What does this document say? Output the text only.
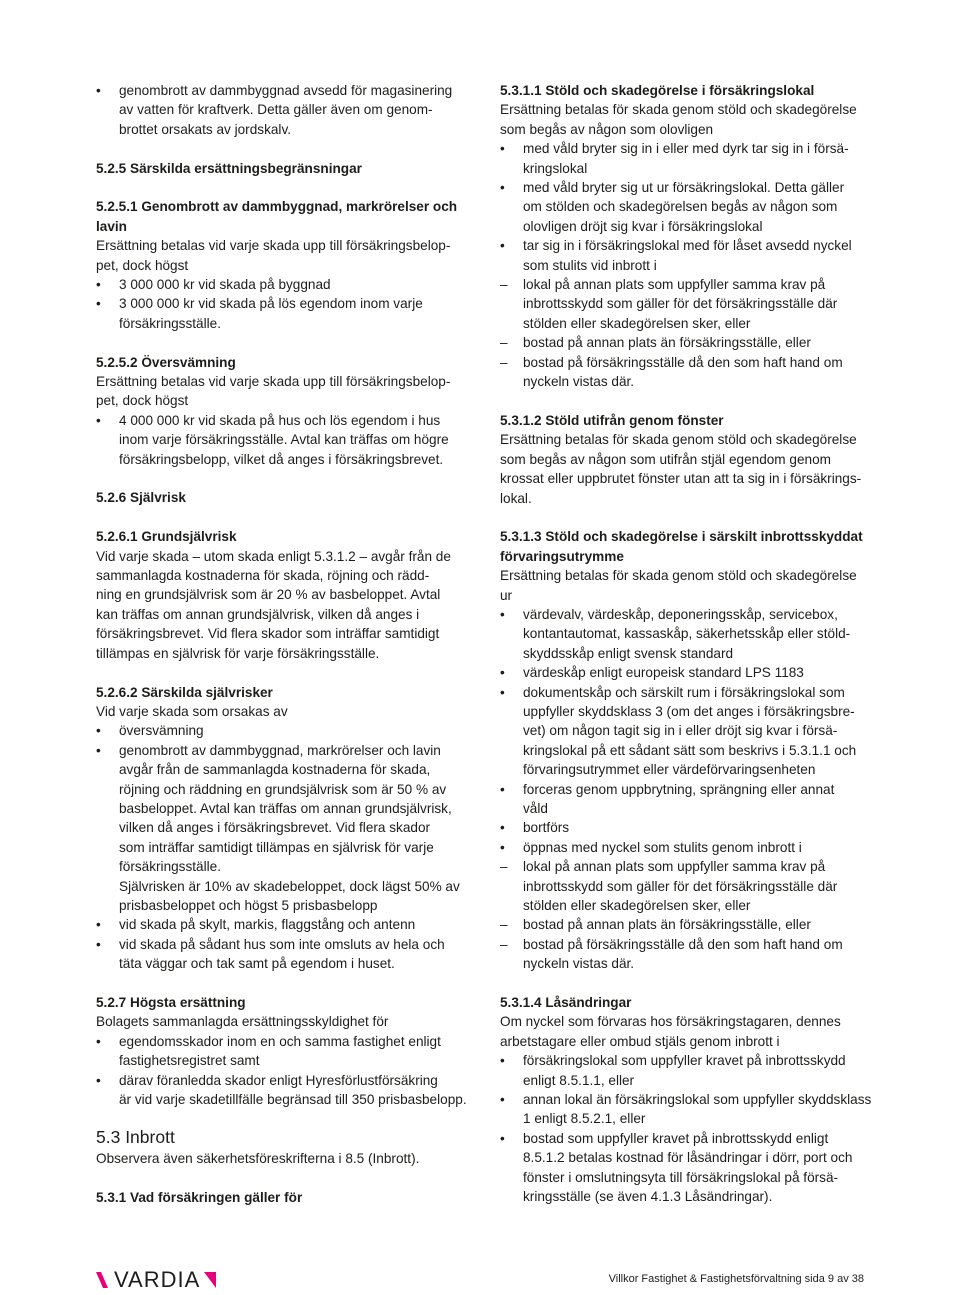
• genombrott av dammbyggnad avsedd för magasinering
av vatten för kraftverk. Detta gäller även om genom-
brottet orsakats av jordskalv.
5.2.5 Särskilda ersättningsbegränsningar
5.2.5.1 Genombrott av dammbyggnad, markrörelser och
lavin
Ersättning betalas vid varje skada upp till försäkringsbelop-
pet, dock högst
• 3 000 000 kr vid skada på byggnad
• 3 000 000 kr vid skada på lös egendom inom varje
försäkringsställe.
5.2.5.2 Översvämning
Ersättning betalas vid varje skada upp till försäkringsbelop-
pet, dock högst
• 4 000 000 kr vid skada på hus och lös egendom i hus
inom varje försäkringsställe. Avtal kan träffas om högre
försäkringsbelopp, vilket då anges i försäkringsbrevet.
5.2.6 Självrisk
5.2.6.1 Grundsjälvrisk
Vid varje skada – utom skada enligt 5.3.1.2 – avgår från de
sammanlagda kostnaderna för skada, röjning och rädd-
ning en grundsjälvrisk som är 20 % av basbeloppet. Avtal
kan träffas om annan grundsjälvrisk, vilken då anges i
försäkringsbrevet. Vid flera skador som inträffar samtidigt
tillämpas en självrisk för varje försäkringsställe.
5.2.6.2 Särskilda självrisker
Vid varje skada som orsakas av
• översvämning
• genombrott av dammbyggnad, markrörelser och lavin
avgår från de sammanlagda kostnaderna för skada,
röjning och räddning en grundsjälvrisk som är 50 % av
basbeloppet. Avtal kan träffas om annan grundsjälvrisk,
vilken då anges i försäkringsbrevet. Vid flera skador
som inträffar samtidigt tillämpas en självrisk för varje
försäkringsställe.
Självrisken är 10% av skadebeloppet, dock lägst 50% av
prisbasbeloppet och högst 5 prisbasbelopp
• vid skada på skylt, markis, flaggstång och antenn
• vid skada på sådant hus som inte omsluts av hela och
täta väggar och tak samt på egendom i huset.
5.2.7 Högsta ersättning
Bolagets sammanlagda ersättningsskyldighet för
• egendomsskador inom en och samma fastighet enligt
fastighetsregistret samt
• därav föranledda skador enligt Hyresförlustförsäkring
är vid varje skadetillfälle begränsad till 350 prisbasbelopp.
5.3 Inbrott
Observera även säkerhetsföreskrifterna i 8.5 (Inbrott).
5.3.1 Vad försäkringen gäller för
5.3.1.1 Stöld och skadegörelse i försäkringslokal
Ersättning betalas för skada genom stöld och skadegörelse
som begås av någon som olovligen
• med våld bryter sig in i eller med dyrk tar sig in i försä-
kringslokal
• med våld bryter sig ut ur försäkringslokal. Detta gäller
om stölden och skadegörelsen begås av någon som
olovligen dröjt sig kvar i försäkringslokal
• tar sig in i försäkringslokal med för låset avsedd nyckel
som stulits vid inbrott i
– lokal på annan plats som uppfyller samma krav på
inbrottsskydd som gäller för det försäkringsställe där
stölden eller skadegörelsen sker, eller
– bostad på annan plats än försäkringsställe, eller
– bostad på försäkringsställe då den som haft hand om
nyckeln vistas där.
5.3.1.2 Stöld utifrån genom fönster
Ersättning betalas för skada genom stöld och skadegörelse
som begås av någon som utifrån stjäl egendom genom
krossat eller uppbrutet fönster utan att ta sig in i försäkrings-
lokal.
5.3.1.3 Stöld och skadegörelse i särskilt inbrottsskyddat
förvaringsutrymme
Ersättning betalas för skada genom stöld och skadegörelse ur
• värdevalv, värdeskåp, deponeringsskåp, servicebox,
kontantautomat, kassaskåp, säkerhetsskåp eller stöld-
skyddsskåp enligt svensk standard
• värdeskåp enligt europeisk standard LPS 1183
• dokumentskåp och särskilt rum i försäkringslokal som
uppfyller skyddsklass 3 (om det anges i försäkringsbre-
vet) om någon tagit sig in i eller dröjt sig kvar i försä-
kringslokal på ett sådant sätt som beskrivs i 5.3.1.1 och
förvaringsutrymmet eller värdeförvaringsenheten
• forceras genom uppbrytning, sprängning eller annat
våld
• bortförs
• öppnas med nyckel som stulits genom inbrott i
– lokal på annan plats som uppfyller samma krav på
inbrottsskydd som gäller för det försäkringsställe där
stölden eller skadegörelsen sker, eller
– bostad på annan plats än försäkringsställe, eller
– bostad på försäkringsställe då den som haft hand om
nyckeln vistas där.
5.3.1.4 Låsändringar
Om nyckel som förvaras hos försäkringstagaren, dennes
arbetstagare eller ombud stjäls genom inbrott i
• försäkringslokal som uppfyller kravet på inbrottsskydd
enligt 8.5.1.1, eller
• annan lokal än försäkringslokal som uppfyller skyddsklass
1 enligt 8.5.2.1, eller
• bostad som uppfyller kravet på inbrottsskydd enligt
8.5.1.2 betalas kostnad för låsändringar i dörr, port och
fönster i omslutningsyta till försäkringslokal på försä-
kringsställe (se även 4.1.3 Låsändringar).
VARDIA	Villkor Fastighet & Fastighetsförvaltning sida 9 av 38
